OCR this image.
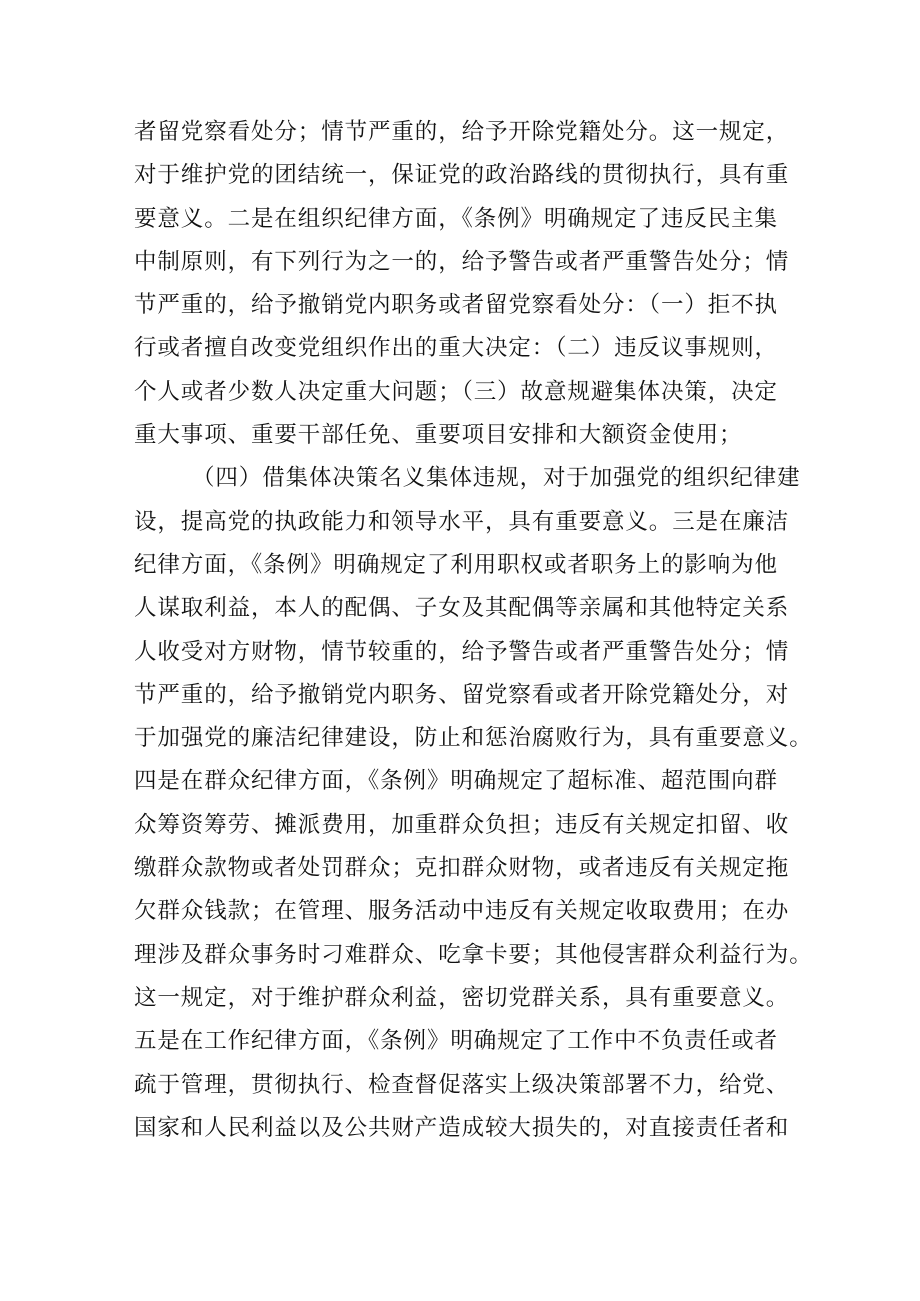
者留党察看处分；情节严重的，给予开除党籍处分。这一规定，
对于维护党的团结统一，保证党的政治路线的贯彻执行，具有重
要意义。二是在组织纪律方面，《条例》明确规定了违反民主集
中制原则，有下列行为之一的，给予警告或者严重警告处分；情
节严重的，给予撤销党内职务或者留党察看处分：（一）拒不执
行或者擅自改变党组织作出的重大决定：（二）违反议事规则，
个人或者少数人决定重大问题；（三）故意规避集体决策，决定
重大事项、重要干部任免、重要项目安排和大额资金使用；
（四）借集体决策名义集体违规，对于加强党的组织纪律建
设，提高党的执政能力和领导水平，具有重要意义。三是在廉洁
纪律方面，《条例》明确规定了利用职权或者职务上的影响为他
人谋取利益，本人的配偶、子女及其配偶等亲属和其他特定关系
人收受对方财物，情节较重的，给予警告或者严重警告处分；情
节严重的，给予撤销党内职务、留党察看或者开除党籍处分，对
于加强党的廉洁纪律建设，防止和惩治腐败行为，具有重要意义。
四是在群众纪律方面，《条例》明确规定了超标准、超范围向群
众筹资筹劳、摊派费用，加重群众负担；违反有关规定扣留、收
缴群众款物或者处罚群众；克扣群众财物，或者违反有关规定拖
欠群众钱款；在管理、服务活动中违反有关规定收取费用；在办
理涉及群众事务时刁难群众、吃拿卡要；其他侵害群众利益行为。
这一规定，对于维护群众利益，密切党群关系，具有重要意义。
五是在工作纪律方面，《条例》明确规定了工作中不负责任或者
疏于管理，贯彻执行、检查督促落实上级决策部署不力，给党、
国家和人民利益以及公共财产造成较大损失的，对直接责任者和
